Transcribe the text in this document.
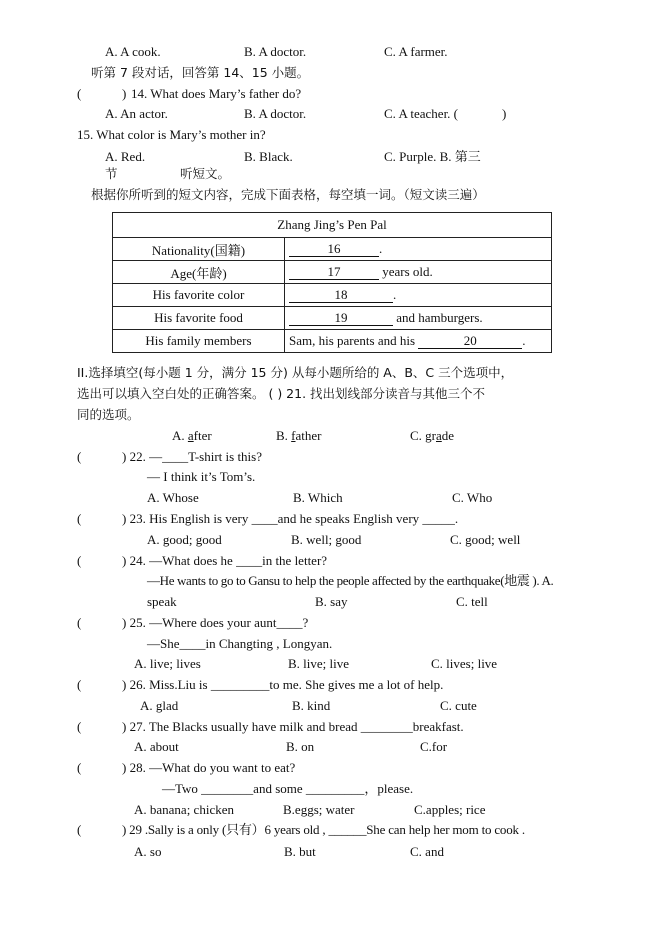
A. A cook.	B. A doctor.	C. A farmer.
听第 7 段对话，回答第 14、15 小题。
(	) 14. What does Mary’s father do?
A. An actor.	B. A doctor.	C. A teacher. (	)
15. What color is Mary’s mother in?
A. Red.	B. Black.	C. Purple. B. 第三
节	听短文。
根据你所听到的短文内容，完成下面表格，每空填一词。（短文读三遍）
Zhang Jing’s Pen Pal	
Nationality(国籍)	16 .
Age(年龄)	17 years old.
His favorite color	18 .
His favorite food	19 and hamburgers.
His family members	Sam, his parents and his 20 .
II.选择填空(每小题 1 分，满分 15 分) 从每小题所给的 A、B、C 三个选项中，
选出可以填入空白处的正确答案。 ( ) 21. 找出划线部分读音与其他三个不
同的选项。
A. after	B. father	C. grade
(	) 22. —____T-shirt is this?
— I think it’s Tom’s.
A. Whose	B. Which	C. Who
(	) 23. His English is very ____and he speaks English very _____.
A. good; good	B. well; good	C. good; well
(	) 24. —What does he ____in the letter?
—He wants to go to Gansu to help the people affected by the earthquake(地震 ). A.
speak	B. say	C. tell
(	) 25. —Where does your aunt____?
—She____in Changting , Longyan.
A. live; lives	B. live; live	C. lives; live
(	) 26. Miss.Liu is _________to me. She gives me a lot of help.
A. glad	B. kind	C. cute
(	) 27. The Blacks usually have milk and bread ________breakfast.
A. about	B. on	C.for
(	) 28. —What do you want to eat?
—Two ________and some _________，please.
A. banana; chicken	B.eggs; water	C.apples; rice
(	) 29 .Sally is a only (只有）6 years old , ______She can help her mom to cook .
A. so	B. but	C. and
